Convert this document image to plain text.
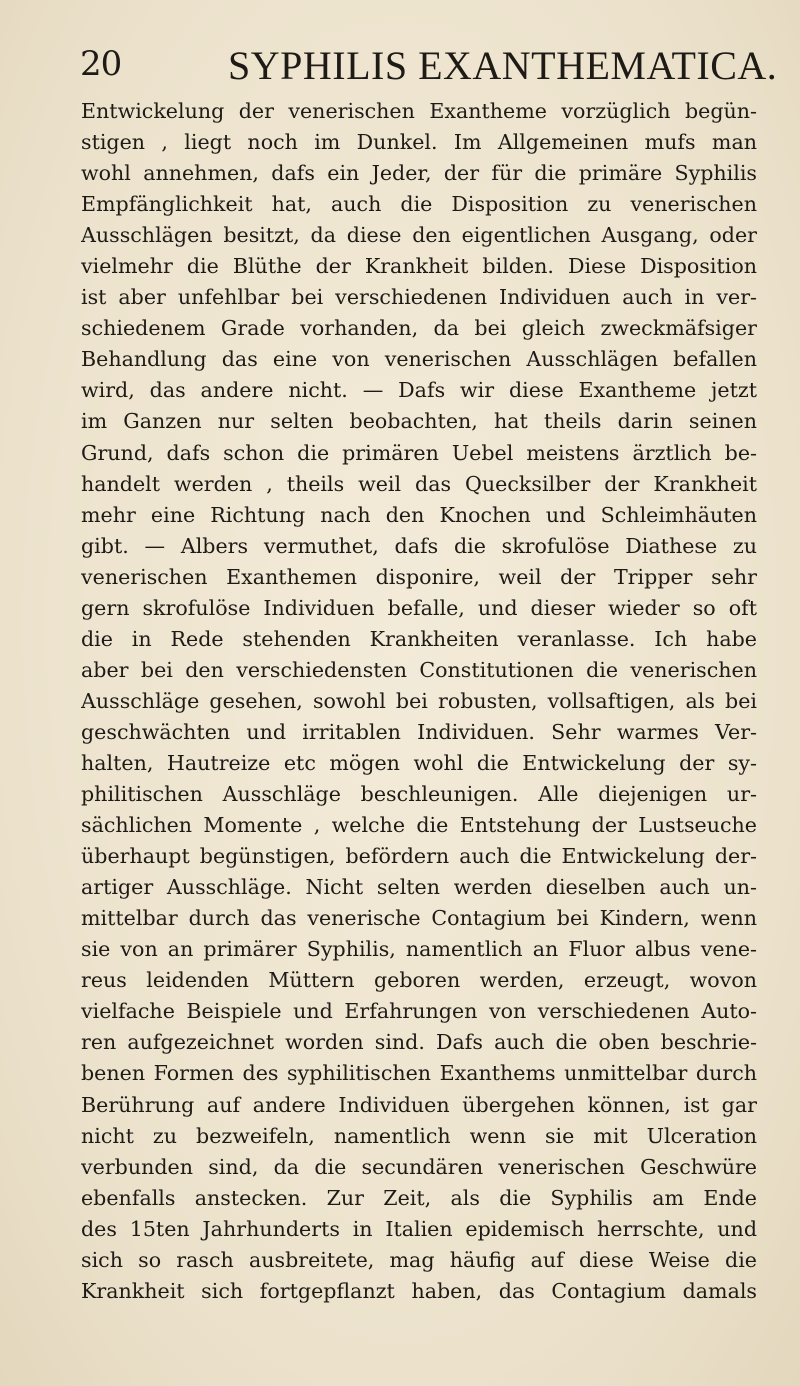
20	SYPHILIS EXANTHEMATICA.
Entwickelung der venerischen Exantheme vorzüglich begün-
stigen , liegt noch im Dunkel. Im Allgemeinen mufs man
wohl annehmen, dafs ein Jeder, der für die primäre Syphilis
Empfänglichkeit hat, auch die Disposition zu venerischen
Ausschlägen besitzt, da diese den eigentlichen Ausgang, oder
vielmehr die Blüthe der Krankheit bilden. Diese Disposition
ist aber unfehlbar bei verschiedenen Individuen auch in ver-
schiedenem Grade vorhanden, da bei gleich zweckmäfsiger
Behandlung das eine von venerischen Ausschlägen befallen
wird, das andere nicht. — Dafs wir diese Exantheme jetzt
im Ganzen nur selten beobachten, hat theils darin seinen
Grund, dafs schon die primären Uebel meistens ärztlich be-
handelt werden , theils weil das Quecksilber der Krankheit
mehr eine Richtung nach den Knochen und Schleimhäuten
gibt. — Albers vermuthet, dafs die skrofulöse Diathese zu
venerischen Exanthemen disponire, weil der Tripper sehr
gern skrofulöse Individuen befalle, und dieser wieder so oft
die in Rede stehenden Krankheiten veranlasse. Ich habe
aber bei den verschiedensten Constitutionen die venerischen
Ausschläge gesehen, sowohl bei robusten, vollsaftigen, als bei
geschwächten und irritablen Individuen. Sehr warmes Ver-
halten, Hautreize etc mögen wohl die Entwickelung der sy-
philitischen Ausschläge beschleunigen. Alle diejenigen ur-
sächlichen Momente , welche die Entstehung der Lustseuche
überhaupt begünstigen, befördern auch die Entwickelung der-
artiger Ausschläge. Nicht selten werden dieselben auch un-
mittelbar durch das venerische Contagium bei Kindern, wenn
sie von an primärer Syphilis, namentlich an Fluor albus vene-
reus leidenden Müttern geboren werden, erzeugt, wovon
vielfache Beispiele und Erfahrungen von verschiedenen Auto-
ren aufgezeichnet worden sind. Dafs auch die oben beschrie-
benen Formen des syphilitischen Exanthems unmittelbar durch
Berührung auf andere Individuen übergehen können, ist gar
nicht zu bezweifeln, namentlich wenn sie mit Ulceration
verbunden sind, da die secundären venerischen Geschwüre
ebenfalls anstecken. Zur Zeit, als die Syphilis am Ende
des 15ten Jahrhunderts in Italien epidemisch herrschte, und
sich so rasch ausbreitete, mag häufig auf diese Weise die
Krankheit sich fortgepflanzt haben, das Contagium damals
